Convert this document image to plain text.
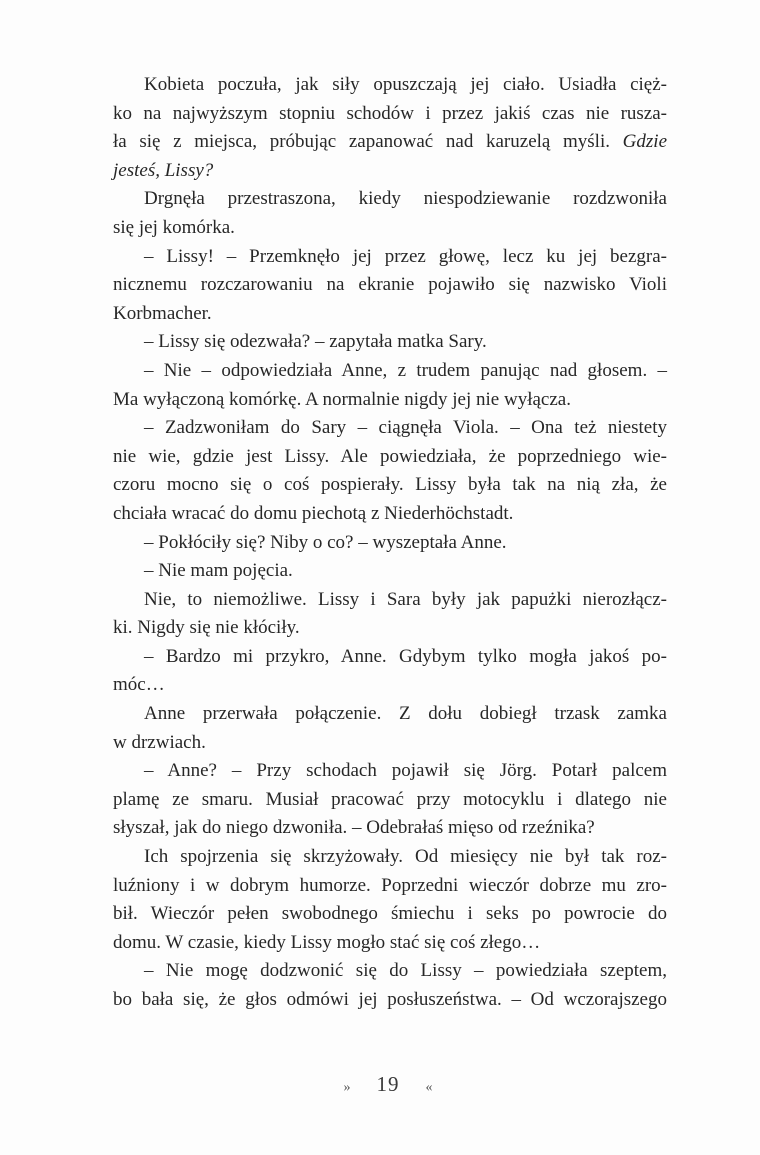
Kobieta poczuła, jak siły opuszczają jej ciało. Usiadła cięż-
ko na najwyższym stopniu schodów i przez jakiś czas nie rusza-
ła się z miejsca, próbując zapanować nad karuzelą myśli. Gdzie
jesteś, Lissy?
Drgnęła przestraszona, kiedy niespodziewanie rozdzwoniła
się jej komórka.
– Lissy! – Przemknęło jej przez głowę, lecz ku jej bezgra-
nicznemu rozczarowaniu na ekranie pojawiło się nazwisko Violi
Korbmacher.
– Lissy się odezwała? – zapytała matka Sary.
– Nie – odpowiedziała Anne, z trudem panując nad głosem. –
Ma wyłączoną komórkę. A normalnie nigdy jej nie wyłącza.
– Zadzwoniłam do Sary – ciągnęła Viola. – Ona też niestety
nie wie, gdzie jest Lissy. Ale powiedziała, że poprzedniego wie-
czoru mocno się o coś pospierały. Lissy była tak na nią zła, że
chciała wracać do domu piechotą z Niederhöchstadt.
– Pokłóciły się? Niby o co? – wyszeptała Anne.
– Nie mam pojęcia.
Nie, to niemożliwe. Lissy i Sara były jak papużki nierozłącz-
ki. Nigdy się nie kłóciły.
– Bardzo mi przykro, Anne. Gdybym tylko mogła jakoś po-
móc…
Anne przerwała połączenie. Z dołu dobiegł trzask zamka
w drzwiach.
– Anne? – Przy schodach pojawił się Jörg. Potarł palcem
plamę ze smaru. Musiał pracować przy motocyklu i dlatego nie
słyszał, jak do niego dzwoniła. – Odebrałaś mięso od rzeźnika?
Ich spojrzenia się skrzyżowały. Od miesięcy nie był tak roz-
luźniony i w dobrym humorze. Poprzedni wieczór dobrze mu zro-
bił. Wieczór pełen swobodnego śmiechu i seks po powrocie do
domu. W czasie, kiedy Lissy mogło stać się coś złego…
– Nie mogę dodzwonić się do Lissy – powiedziała szeptem,
bo bała się, że głos odmówi jej posłuszeństwa. – Od wczorajszego
» 19 «
